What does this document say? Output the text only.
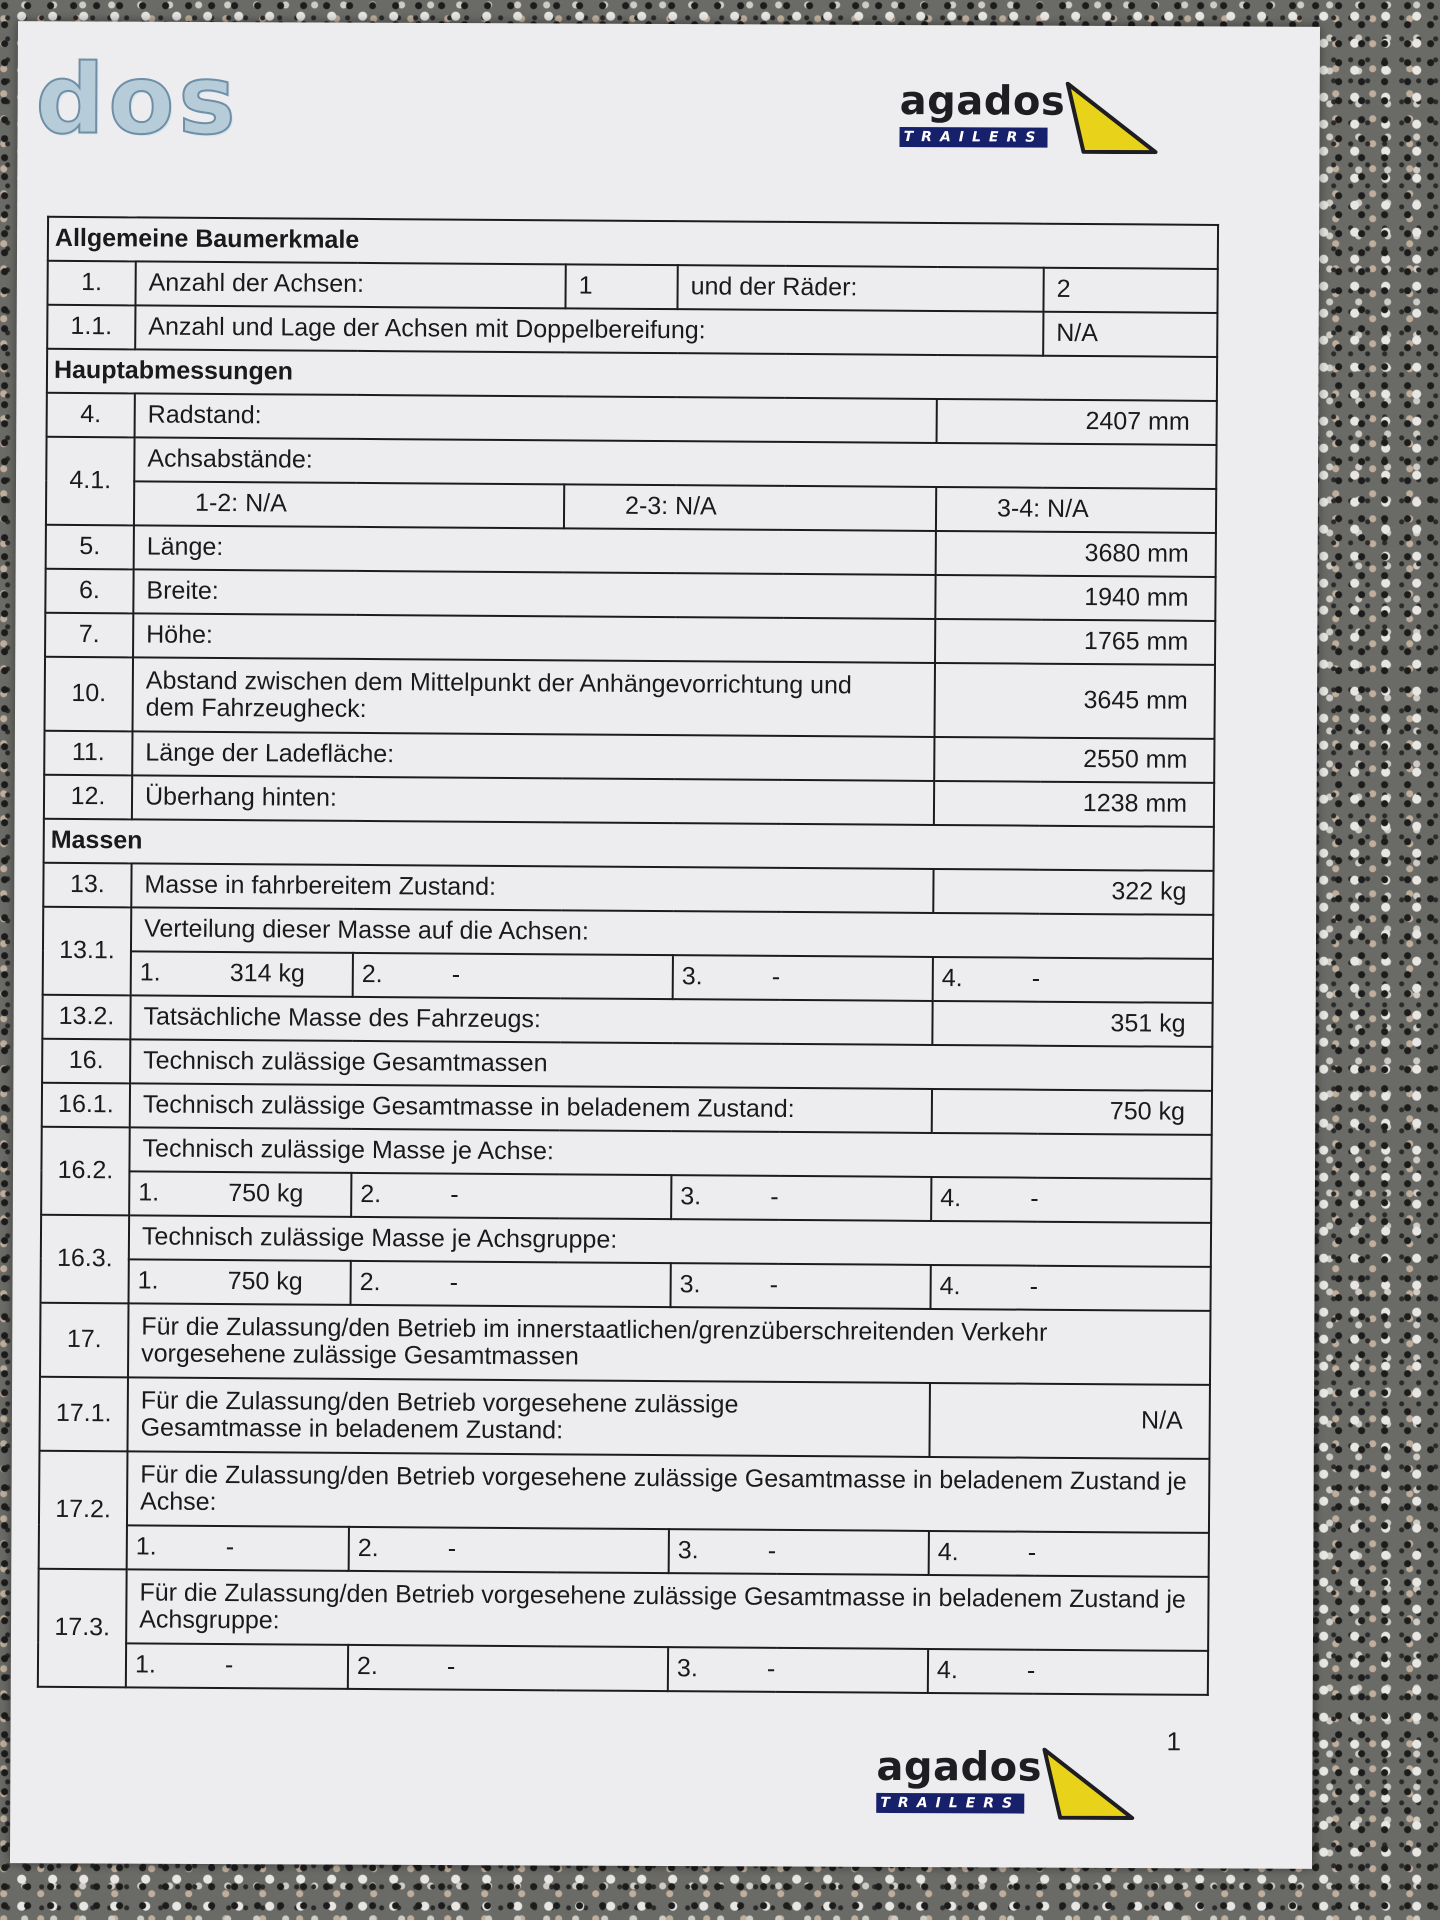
dos	agados
TRAILERS
Allgemeine Baumerkmale						
1.	Anzahl der Achsen:		1	und der Räder:		2
1.1.	Anzahl und Lage der Achsen mit Doppelbereifung:					N/A
Hauptabmessungen						
4.	Radstand:				2407 mm	
4.1.	Achsabstände:					
	1-2: N/A		2-3: N/A		3-4: N/A	
5.	Länge:				3680 mm	
6.	Breite:				1940 mm	
7.	Höhe:				1765 mm	
10.	Abstand zwischen dem Mittelpunkt der Anhängevorrichtung und dem Fahrzeugheck:				3645 mm	
11.	Länge der Ladefläche:				2550 mm	
12.	Überhang hinten:				1238 mm	
Massen						
13.	Masse in fahrbereitem Zustand:				322 kg	
13.1.	Verteilung dieser Masse auf die Achsen:					
	1. 314 kg	2. -		3. -	4. -	
13.2.	Tatsächliche Masse des Fahrzeugs:				351 kg	
16.	Technisch zulässige Gesamtmassen					
16.1.	Technisch zulässige Gesamtmasse in beladenem Zustand:				750 kg	
16.2.	Technisch zulässige Masse je Achse:					
	1. 750 kg	2. -		3. -	4. -	
16.3.	Technisch zulässige Masse je Achsgruppe:					
	1. 750 kg	2. -		3. -	4. -	
17.	Für die Zulassung/den Betrieb im innerstaatlichen/grenzüberschreitenden Verkehr vorgesehene zulässige Gesamtmassen					
17.1.	Für die Zulassung/den Betrieb vorgesehene zulässige Gesamtmasse in beladenem Zustand:				N/A	
17.2.	Für die Zulassung/den Betrieb vorgesehene zulässige Gesamtmasse in beladenem Zustand je Achse:					
	1. -	2. -		3. -	4. -	
17.3.	Für die Zulassung/den Betrieb vorgesehene zulässige Gesamtmasse in beladenem Zustand je Achsgruppe:					
	1. -	2. -		3. -	4. -	
1
agados
TRAILERS
